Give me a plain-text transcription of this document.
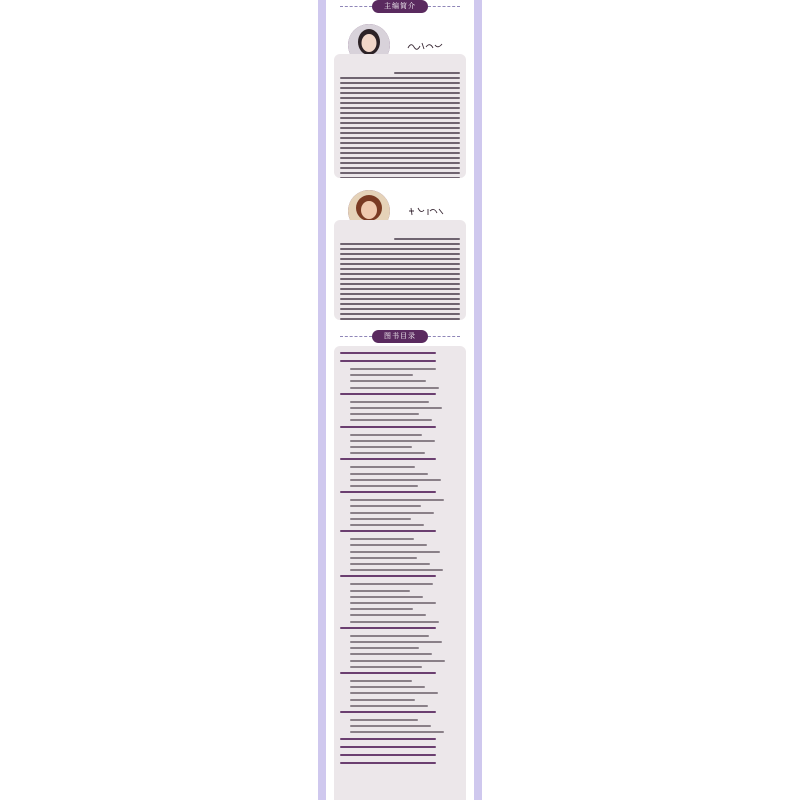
主编简介
图书目录
